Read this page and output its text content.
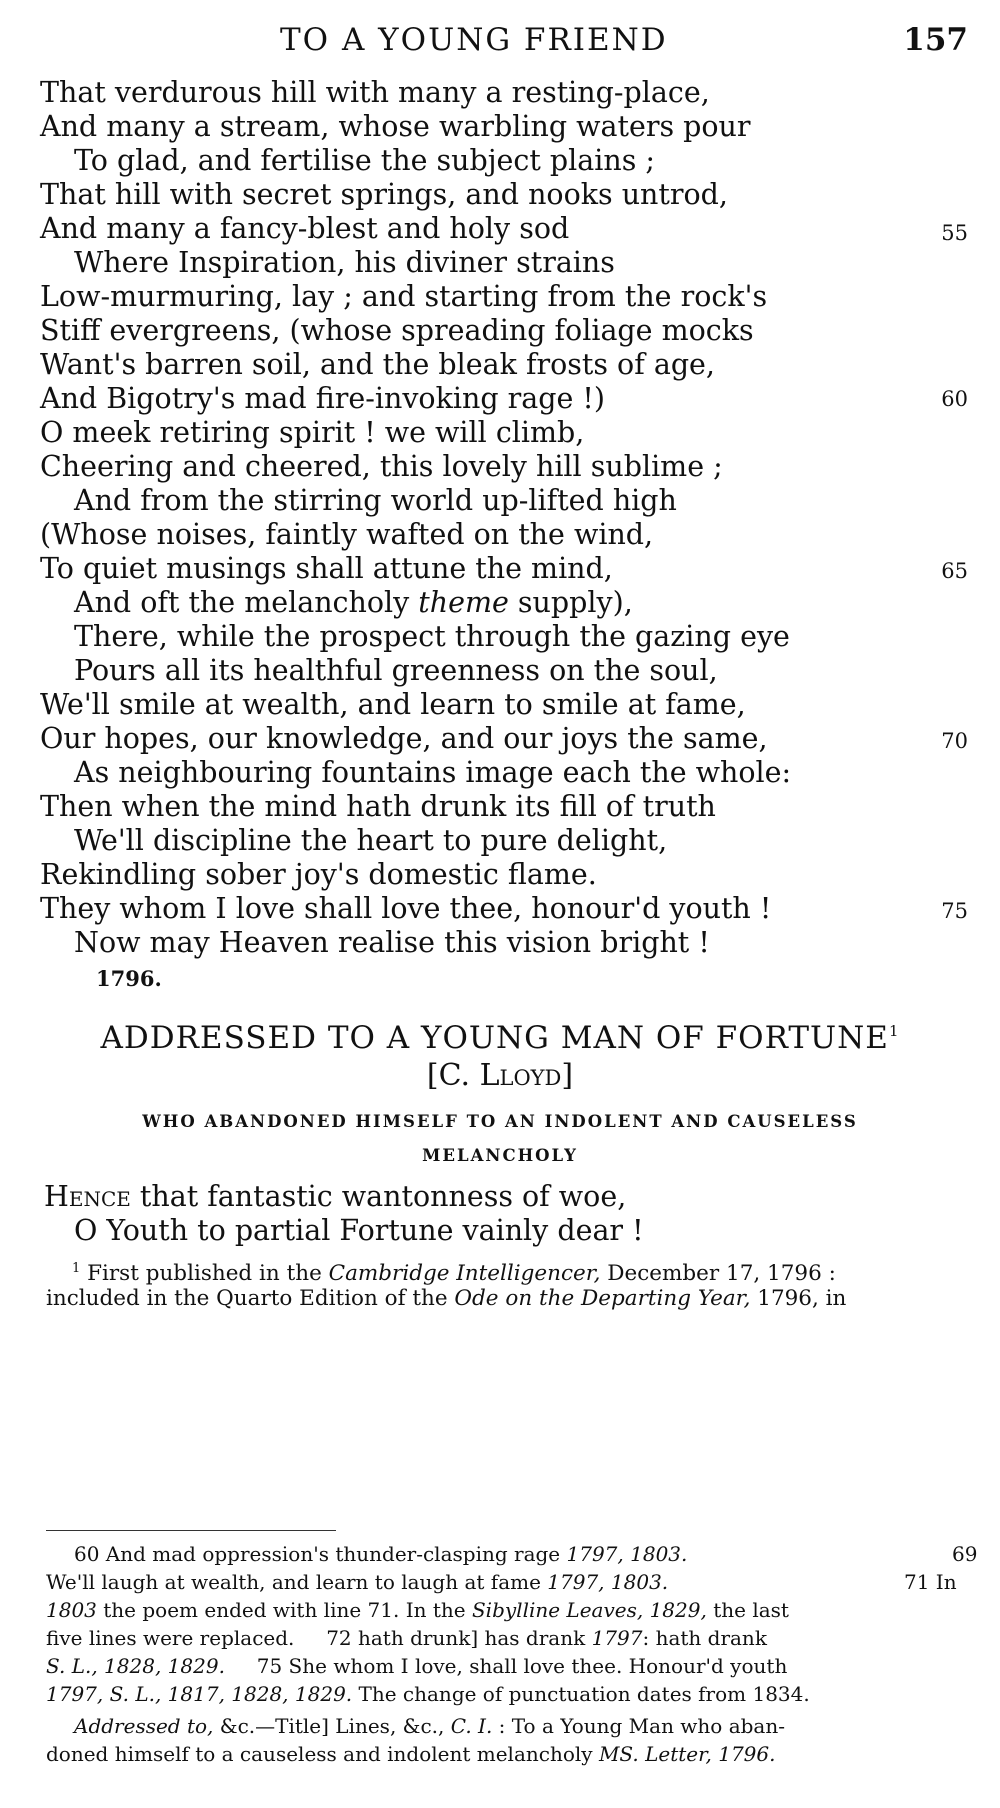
TO A YOUNG FRIEND	157
That verdurous hill with many a resting-place,
And many a stream, whose warbling waters pour
To glad, and fertilise the subject plains ;
That hill with secret springs, and nooks untrod,
And many a fancy-blest and holy sod	55
Where Inspiration, his diviner strains
Low-murmuring, lay ; and starting from the rock's
Stiff evergreens, (whose spreading foliage mocks
Want's barren soil, and the bleak frosts of age,
And Bigotry's mad fire-invoking rage !)	60
O meek retiring spirit ! we will climb,
Cheering and cheered, this lovely hill sublime ;
And from the stirring world up-lifted high
(Whose noises, faintly wafted on the wind,
To quiet musings shall attune the mind,	65
And oft the melancholy theme supply),
There, while the prospect through the gazing eye
Pours all its healthful greenness on the soul,
We'll smile at wealth, and learn to smile at fame,
Our hopes, our knowledge, and our joys the same,	70
As neighbouring fountains image each the whole:
Then when the mind hath drunk its fill of truth
We'll discipline the heart to pure delight,
Rekindling sober joy's domestic flame.
They whom I love shall love thee, honour'd youth !	75
Now may Heaven realise this vision bright !
1796.
ADDRESSED TO A YOUNG MAN OF FORTUNE$^1$
[C. Lloyd]
WHO ABANDONED HIMSELF TO AN INDOLENT AND CAUSELESS
MELANCHOLY
Hence that fantastic wantonness of woe,
O Youth to partial Fortune vainly dear !
$^1$ First published in the Cambridge Intelligencer, December 17, 1796 :
included in the Quarto Edition of the Ode on the Departing Year, 1796, in
60 And mad oppression's thunder-clasping rage 1797, 1803.	69
We'll laugh at wealth, and learn to laugh at fame 1797, 1803.	71 In
1803 the poem ended with line 71. In the Sibylline Leaves, 1829, the last
five lines were replaced. 72 hath drunk] has drank 1797: hath drank
S. L., 1828, 1829. 75 She whom I love, shall love thee. Honour'd youth
1797, S. L., 1817, 1828, 1829. The change of punctuation dates from 1834.
Addressed to, &c.—Title] Lines, &c., C. I. : To a Young Man who aban-
doned himself to a causeless and indolent melancholy MS. Letter, 1796.
